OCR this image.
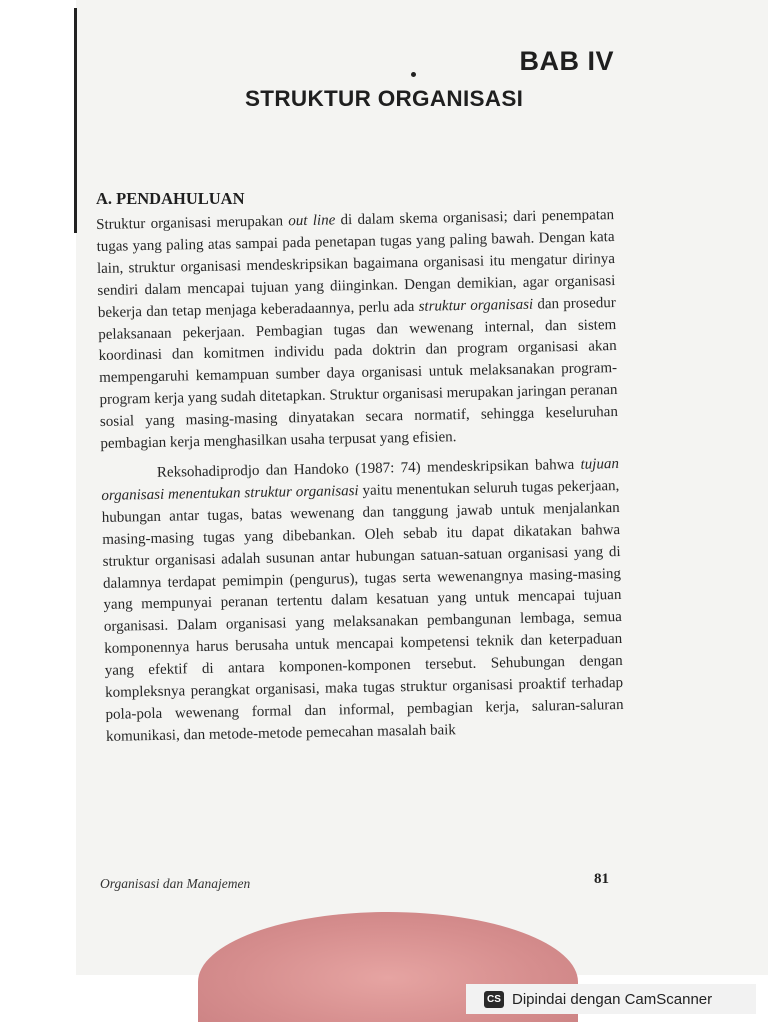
BAB IV
STRUKTUR ORGANISASI
A. PENDAHULUAN

Struktur organisasi merupakan out line di dalam skema organisasi; dari penempatan tugas yang paling atas sampai pada penetapan tugas yang paling bawah. Dengan kata lain, struktur organisasi mendeskripsikan bagaimana organisasi itu mengatur dirinya sendiri dalam mencapai tujuan yang diinginkan. Dengan demikian, agar organisasi bekerja dan tetap menjaga keberadaannya, perlu ada struktur organisasi dan prosedur pelaksanaan pekerjaan. Pembagian tugas dan wewenang internal, dan sistem koordinasi dan komitmen individu pada doktrin dan program organisasi akan mempengaruhi kemampuan sumber daya organisasi untuk melaksanakan program-program kerja yang sudah ditetapkan. Struktur organisasi merupakan jaringan peranan sosial yang masing-masing dinyatakan secara normatif, sehingga keseluruhan pembagian kerja menghasilkan usaha terpusat yang efisien.

Reksohadiprodjo dan Handoko (1987: 74) mendeskripsikan bahwa tujuan organisasi menentukan struktur organisasi yaitu menentukan seluruh tugas pekerjaan, hubungan antar tugas, batas wewenang dan tanggung jawab untuk menjalankan masing-masing tugas yang dibebankan. Oleh sebab itu dapat dikatakan bahwa struktur organisasi adalah susunan antar hubungan satuan-satuan organisasi yang di dalamnya terdapat pemimpin (pengurus), tugas serta wewenangnya masing-masing yang mempunyai peranan tertentu dalam kesatuan yang untuk mencapai tujuan organisasi. Dalam organisasi yang melaksanakan pembangunan lembaga, semua komponennya harus berusaha untuk mencapai kompetensi teknik dan keterpaduan yang efektif di antara komponen-komponen tersebut. Sehubungan dengan kompleksnya perangkat organisasi, maka tugas struktur organisasi proaktif terhadap pola-pola wewenang formal dan informal, pembagian kerja, saluran-saluran komunikasi, dan metode-metode pemecahan masalah baik

Organisasi dan Manajemen	81
CS Dipindai dengan CamScanner
